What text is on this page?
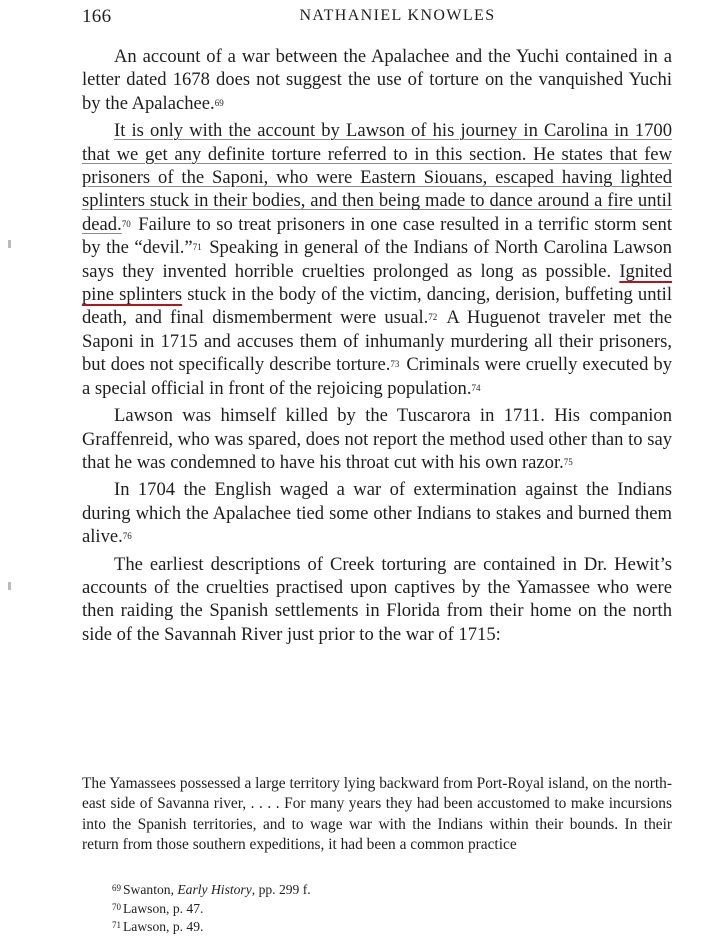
166	NATHANIEL KNOWLES

An account of a war between the Apalachee and the Yuchi contained in a letter dated 1678 does not suggest the use of torture on the vanquished Yuchi by the Apalachee.$^{69}$

It is only with the account by Lawson of his journey in Carolina in 1700 that we get any definite torture referred to in this section. He states that few prisoners of the Saponi, who were Eastern Siouans, escaped having lighted splinters stuck in their bodies, and then being made to dance around a fire until dead.$^{70}$ Failure to so treat prisoners in one case resulted in a terrific storm sent by the “devil.”$^{71}$ Speaking in general of the Indians of North Carolina Lawson says they invented horrible cruelties prolonged as long as possible. Ignited pine splinters stuck in the body of the victim, dancing, derision, buffeting until death, and final dismemberment were usual.$^{72}$ A Huguenot traveler met the Saponi in 1715 and accuses them of inhumanly murdering all their prisoners, but does not specifically describe torture.$^{73}$ Criminals were cruelly executed by a special official in front of the rejoicing population.$^{74}$

Lawson was himself killed by the Tuscarora in 1711. His companion Graffenreid, who was spared, does not report the method used other than to say that he was condemned to have his throat cut with his own razor.$^{75}$

In 1704 the English waged a war of extermination against the Indians during which the Apalachee tied some other Indians to stakes and burned them alive.$^{76}$

The earliest descriptions of Creek torturing are contained in Dr. Hewit’s accounts of the cruelties practised upon captives by the Yamassee who were then raiding the Spanish settlements in Florida from their home on the north side of the Savannah River just prior to the war of 1715:

The Yamassees possessed a large territory lying backward from Port-Royal island, on the north-east side of Savanna river, . . . . For many years they had been accustomed to make incursions into the Spanish territories, and to wage war with the Indians within their bounds. In their return from those southern expeditions, it had been a common practice

$^{69}$ Swanton, Early History, pp. 299 f.
$^{70}$ Lawson, p. 47.
$^{71}$ Lawson, p. 49.
